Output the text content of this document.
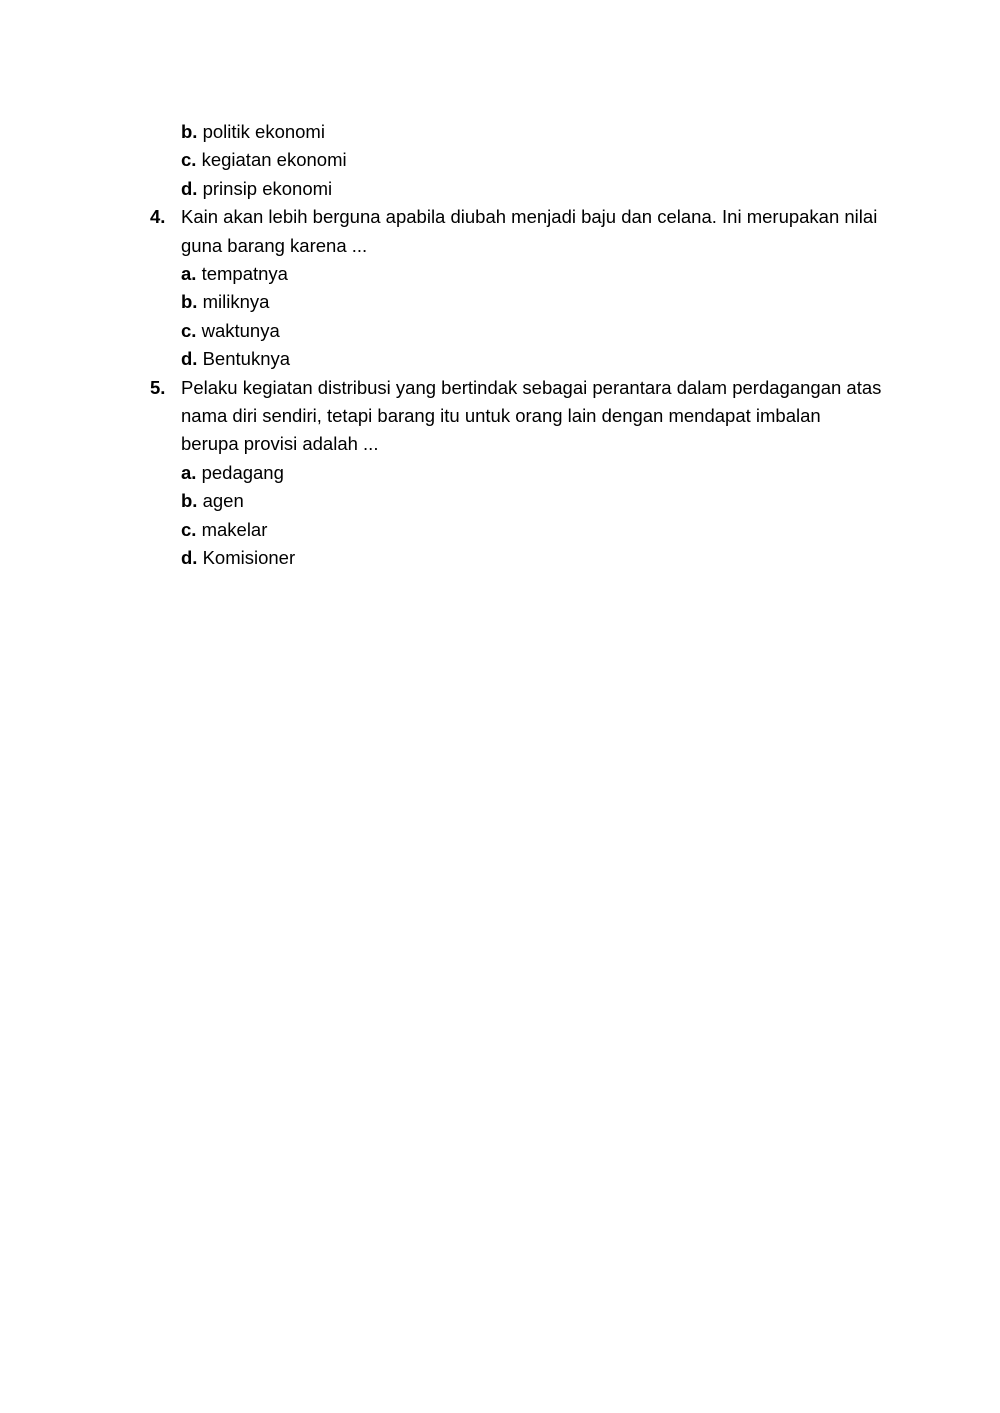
b. politik ekonomi
c. kegiatan ekonomi
d. prinsip ekonomi
4. Kain akan lebih berguna apabila diubah menjadi baju dan celana. Ini merupakan nilai
guna barang karena ...
a. tempatnya
b. miliknya
c. waktunya
d. Bentuknya
5. Pelaku kegiatan distribusi yang bertindak sebagai perantara dalam perdagangan atas
nama diri sendiri, tetapi barang itu untuk orang lain dengan mendapat imbalan
berupa provisi adalah ...
a. pedagang
b. agen
c. makelar
d. Komisioner
